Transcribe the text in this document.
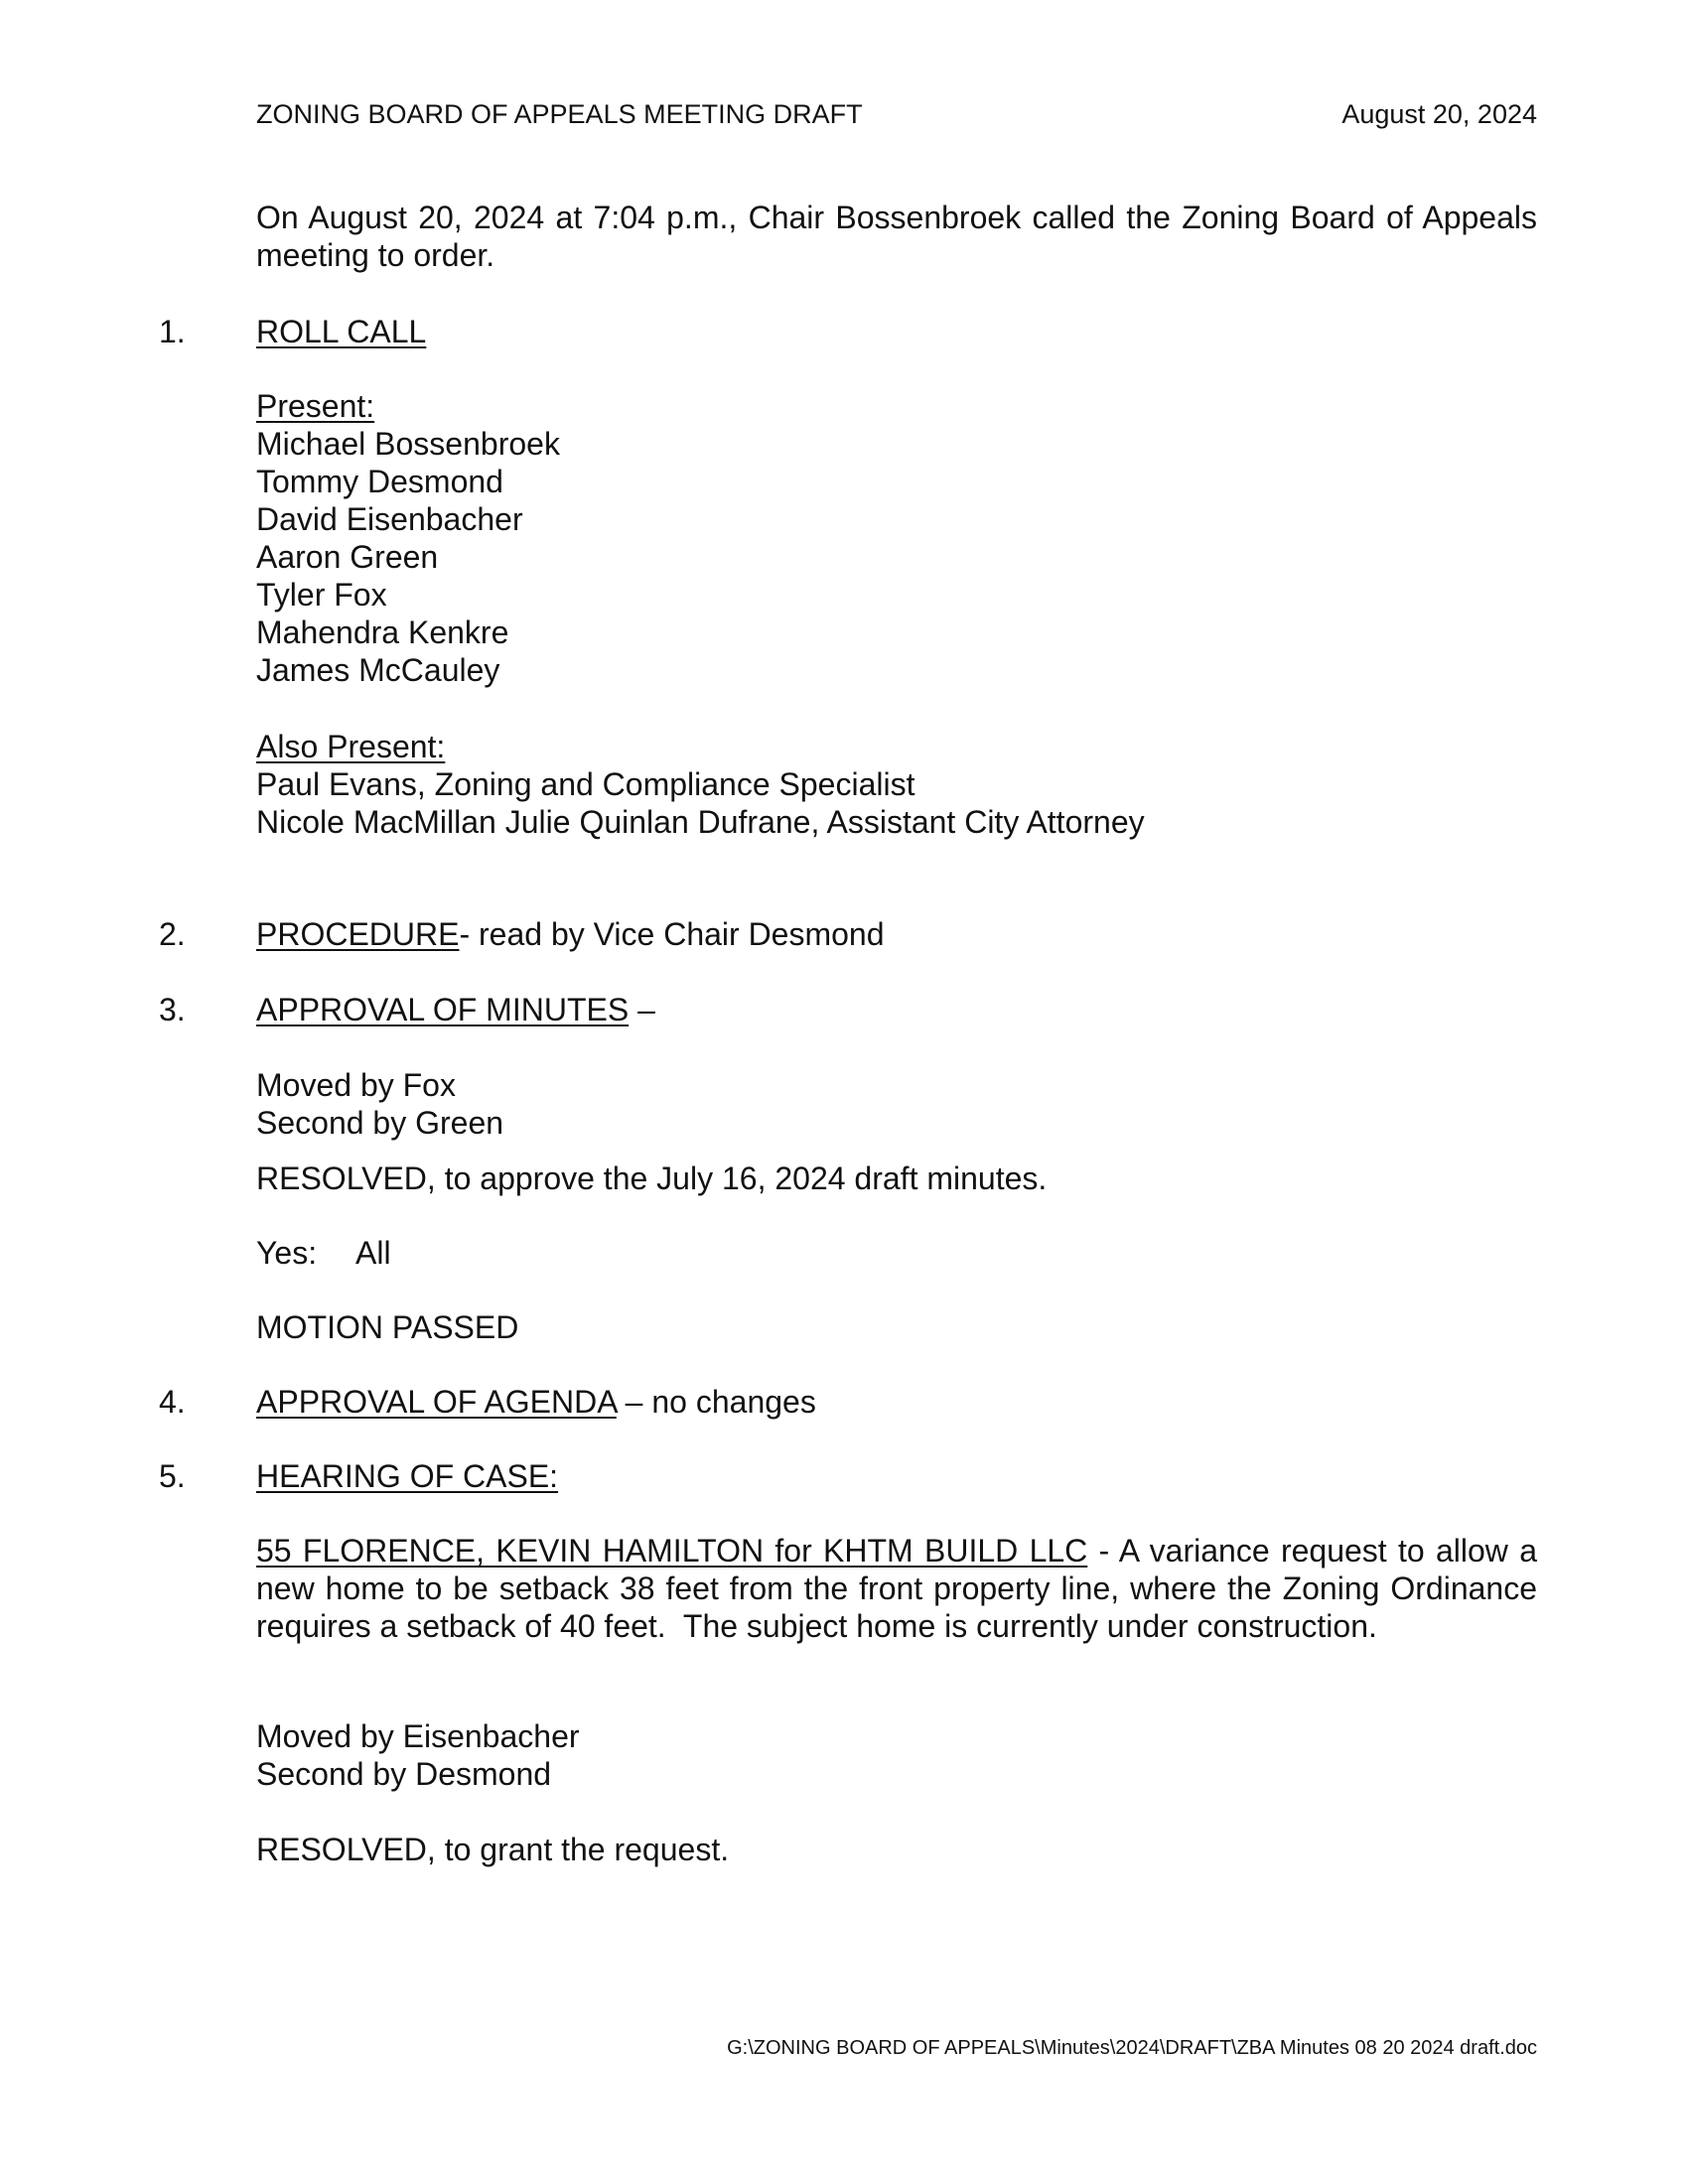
ZONING BOARD OF APPEALS MEETING DRAFT	August 20, 2024
On August 20, 2024 at 7:04 p.m., Chair Bossenbroek called the Zoning Board of Appeals meeting to order.
1. ROLL CALL
Present:
Michael Bossenbroek
Tommy Desmond
David Eisenbacher
Aaron Green
Tyler Fox
Mahendra Kenkre
James McCauley
Also Present:
Paul Evans, Zoning and Compliance Specialist
Nicole MacMillan Julie Quinlan Dufrane, Assistant City Attorney
2. PROCEDURE- read by Vice Chair Desmond
3. APPROVAL OF MINUTES –
Moved by Fox
Second by Green
RESOLVED, to approve the July 16, 2024 draft minutes.
Yes: All
MOTION PASSED
4. APPROVAL OF AGENDA – no changes
5. HEARING OF CASE:
55 FLORENCE, KEVIN HAMILTON for KHTM BUILD LLC - A variance request to allow a new home to be setback 38 feet from the front property line, where the Zoning Ordinance requires a setback of 40 feet.  The subject home is currently under construction.
Moved by Eisenbacher
Second by Desmond
RESOLVED, to grant the request.
G:\ZONING BOARD OF APPEALS\Minutes\2024\DRAFT\ZBA Minutes 08 20 2024 draft.doc
